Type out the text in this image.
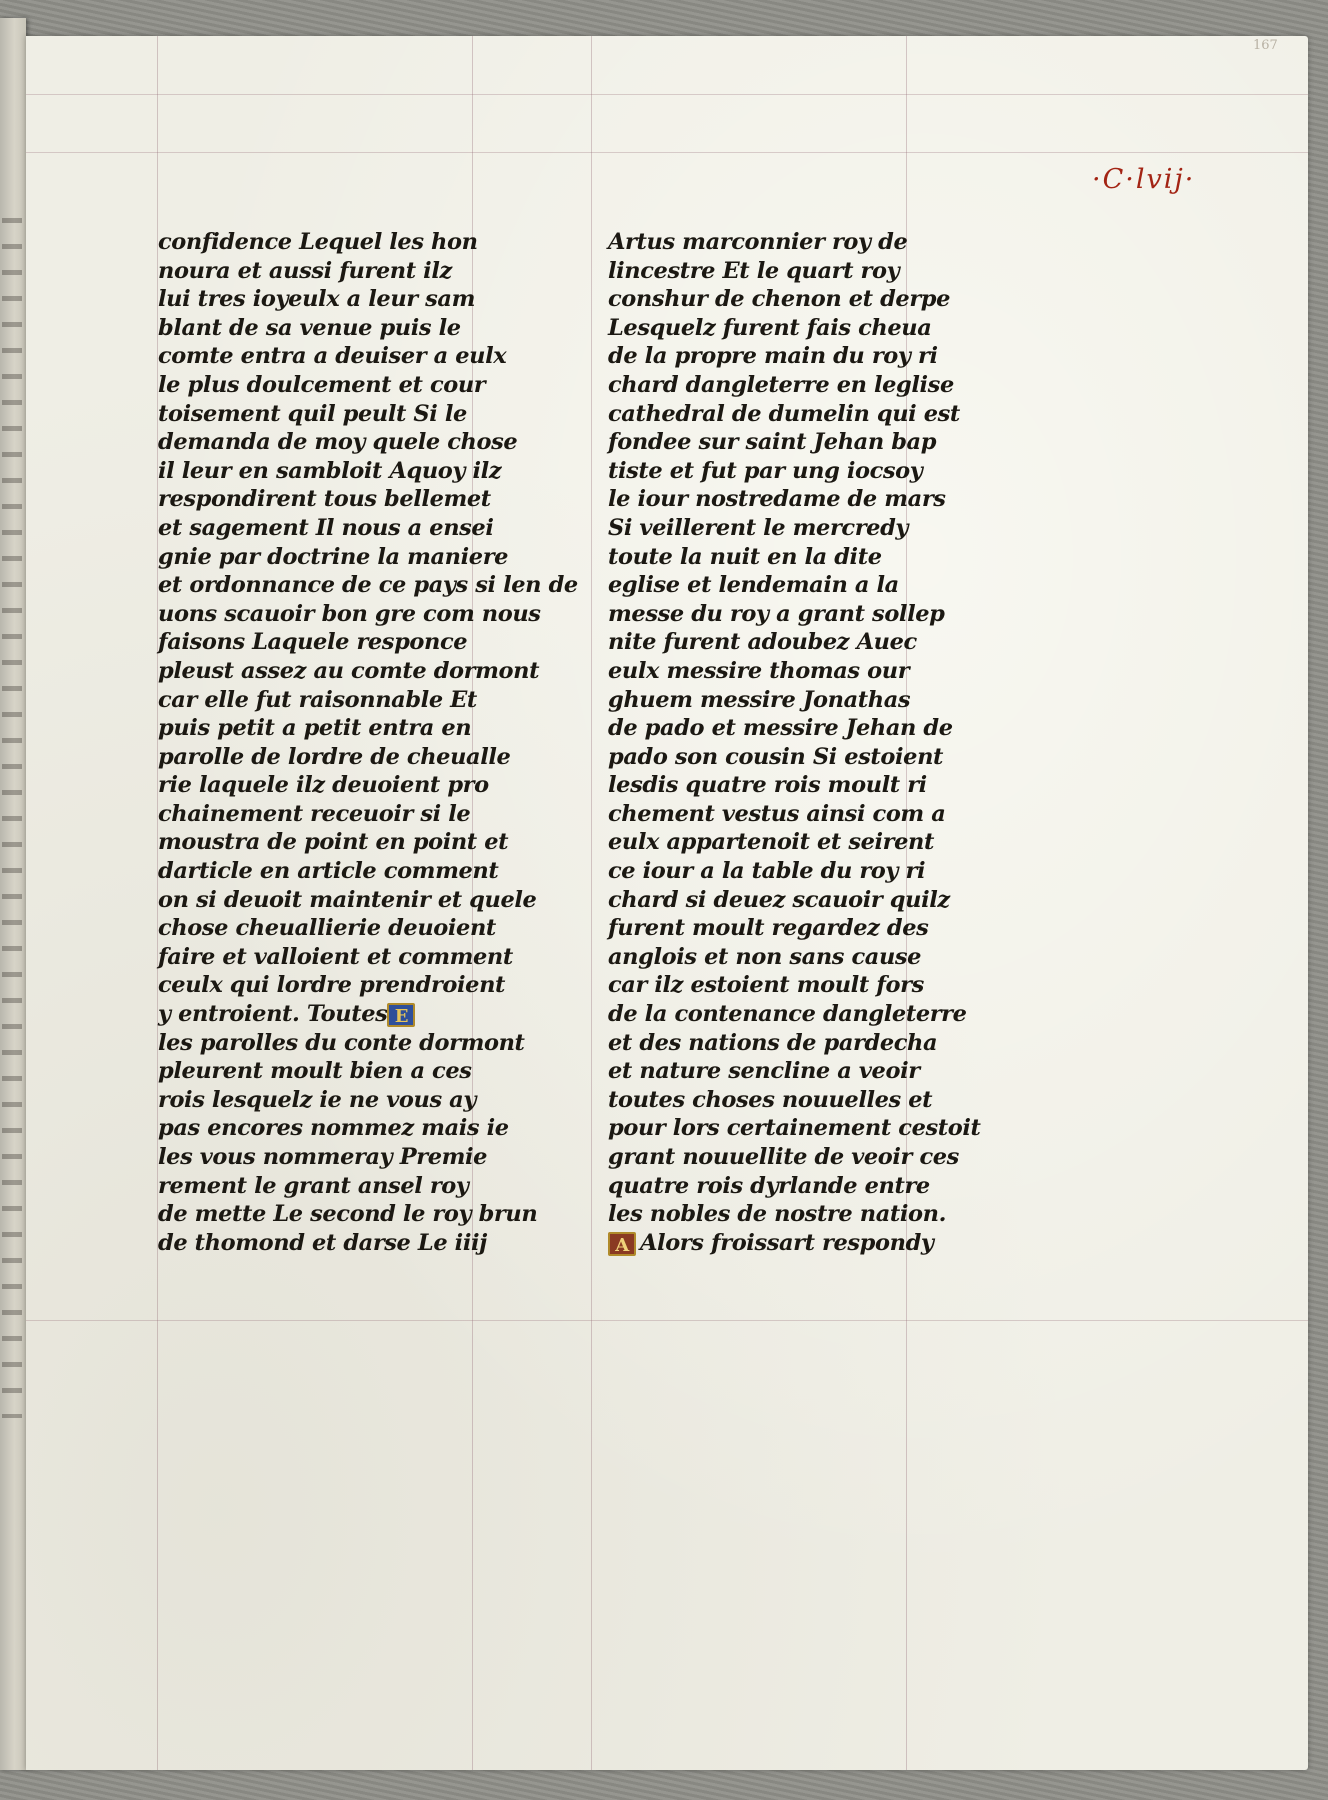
167
·C·lvij·
confidence Lequel les hon
noura et aussi furent ilz
lui tres ioyeulx a leur sam
blant de sa venue puis le
comte entra a deuiser a eulx
le plus doulcement et cour
toisement quil peult Si le
demanda de moy quele chose
il leur en sambloit Aquoy ilz
respondirent tous bellemet
et sagement Il nous a ensei
gnie par doctrine la maniere
et ordonnance de ce pays si len de
uons scauoir bon gre com nous
faisons Laquele responce
pleust assez au comte dormont
car elle fut raisonnable Et
puis petit a petit entra en
parolle de lordre de cheualle
rie laquele ilz deuoient pro
chainement receuoir si le
moustra de point en point et
darticle en article comment
on si deuoit maintenir et quele
chose cheuallierie deuoient
faire et valloient et comment
ceulx qui lordre prendroient
y entroient. Toutes E
les parolles du conte dormont
pleurent moult bien a ces
rois lesquelz ie ne vous ay
pas encores nommez mais ie
les vous nommeray Premie
rement le grant ansel roy
de mette Le second le roy brun
de thomond et darse Le iiij
Artus marconnier roy de
lincestre Et le quart roy
conshur de chenon et derpe
Lesquelz furent fais cheua
de la propre main du roy ri
chard dangleterre en leglise
cathedral de dumelin qui est
fondee sur saint Jehan bap
tiste et fut par ung iocsoy
le iour nostredame de mars
Si veillerent le mercredy
toute la nuit en la dite
eglise et lendemain a la
messe du roy a grant sollep
nite furent adoubez Auec
eulx messire thomas our
ghuem messire Jonathas
de pado et messire Jehan de
pado son cousin Si estoient
lesdis quatre rois moult ri
chement vestus ainsi com a
eulx appartenoit et seirent
ce iour a la table du roy ri
chard si deuez scauoir quilz
furent moult regardez des
anglois et non sans cause
car ilz estoient moult fors
de la contenance dangleterre
et des nations de pardecha
et nature sencline a veoir
toutes choses nouuelles et
pour lors certainement cestoit
grant nouuellite de veoir ces
quatre rois dyrlande entre
les nobles de nostre nation.
A Alors froissart respondy
